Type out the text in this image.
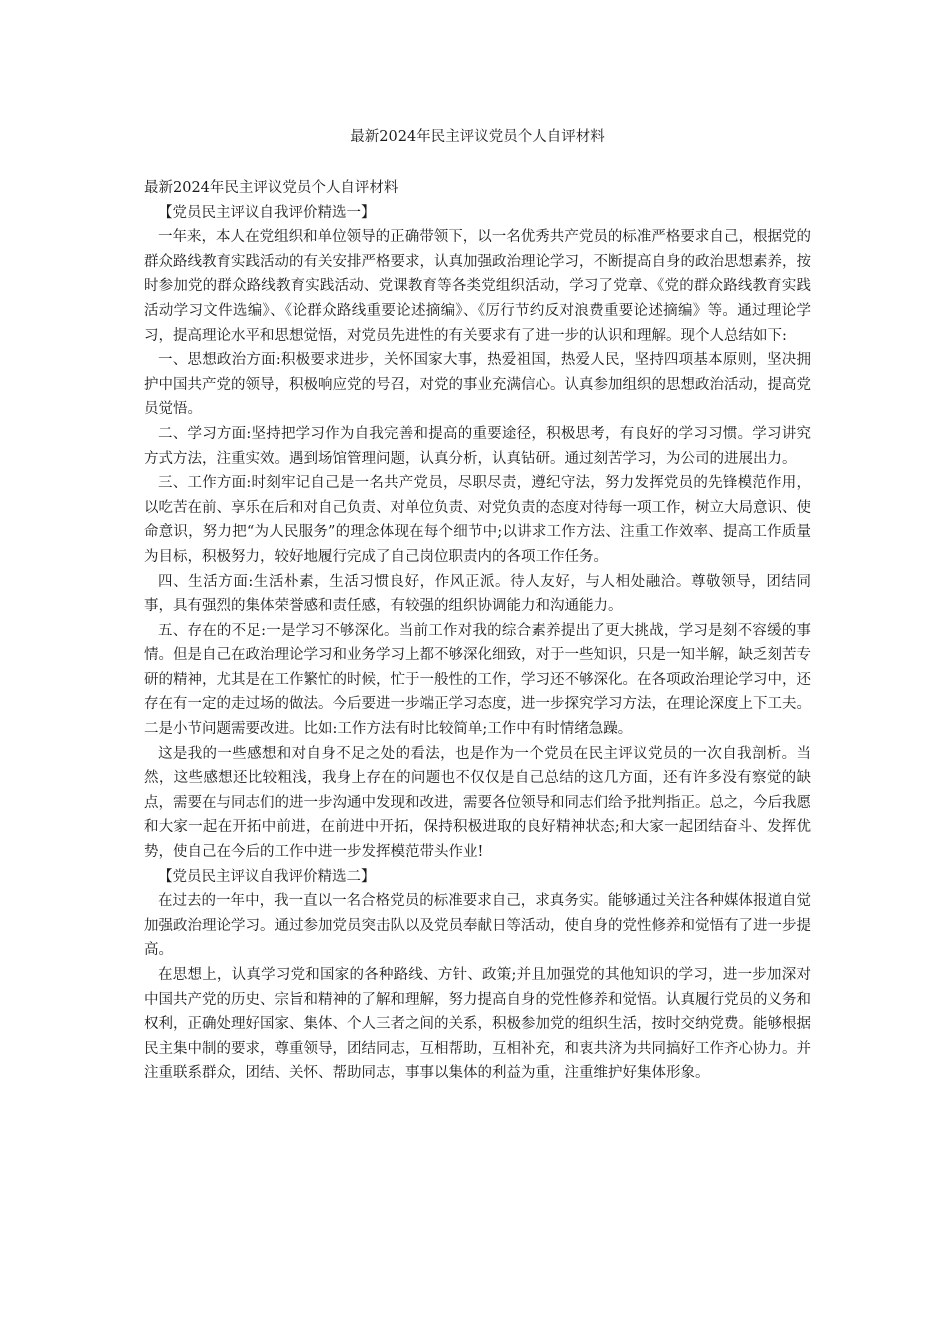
最新2024年民主评议党员个人自评材料

最新2024年民主评议党员个人自评材料

【党员民主评议自我评价精选一】

一年来，本人在党组织和单位领导的正确带领下，以一名优秀共产党员的标准严格要求自己，根据党的群众路线教育实践活动的有关安排严格要求，认真加强政治理论学习，不断提高自身的政治思想素养，按时参加党的群众路线教育实践活动、党课教育等各类党组织活动，学习了党章、《党的群众路线教育实践活动学习文件选编》、《论群众路线重要论述摘编》、《厉行节约反对浪费重要论述摘编》等。通过理论学习，提高理论水平和思想觉悟，对党员先进性的有关要求有了进一步的认识和理解。现个人总结如下:

一、思想政治方面:积极要求进步，关怀国家大事，热爱祖国，热爱人民，坚持四项基本原则，坚决拥护中国共产党的领导，积极响应党的号召，对党的事业充满信心。认真参加组织的思想政治活动，提高党员觉悟。

二、学习方面:坚持把学习作为自我完善和提高的重要途径，积极思考，有良好的学习习惯。学习讲究方式方法，注重实效。遇到场馆管理问题，认真分析，认真钻研。通过刻苦学习，为公司的进展出力。

三、工作方面:时刻牢记自己是一名共产党员，尽职尽责，遵纪守法，努力发挥党员的先锋模范作用，以吃苦在前、享乐在后和对自己负责、对单位负责、对党负责的态度对待每一项工作，树立大局意识、使命意识，努力把“为人民服务”的理念体现在每个细节中;以讲求工作方法、注重工作效率、提高工作质量为目标，积极努力，较好地履行完成了自己岗位职责内的各项工作任务。

四、生活方面:生活朴素，生活习惯良好，作风正派。待人友好，与人相处融洽。尊敬领导，团结同事，具有强烈的集体荣誉感和责任感，有较强的组织协调能力和沟通能力。

五、存在的不足:一是学习不够深化。当前工作对我的综合素养提出了更大挑战，学习是刻不容缓的事情。但是自己在政治理论学习和业务学习上都不够深化细致，对于一些知识，只是一知半解，缺乏刻苦专研的精神，尤其是在工作繁忙的时候，忙于一般性的工作，学习还不够深化。在各项政治理论学习中，还存在有一定的走过场的做法。今后要进一步端正学习态度，进一步探究学习方法，在理论深度上下工夫。二是小节问题需要改进。比如:工作方法有时比较简单;工作中有时情绪急躁。

这是我的一些感想和对自身不足之处的看法，也是作为一个党员在民主评议党员的一次自我剖析。当然，这些感想还比较粗浅，我身上存在的问题也不仅仅是自己总结的这几方面，还有许多没有察觉的缺点，需要在与同志们的进一步沟通中发现和改进，需要各位领导和同志们给予批判指正。总之，今后我愿和大家一起在开拓中前进，在前进中开拓，保持积极进取的良好精神状态;和大家一起团结奋斗、发挥优势，使自己在今后的工作中进一步发挥模范带头作业!

【党员民主评议自我评价精选二】

在过去的一年中，我一直以一名合格党员的标准要求自己，求真务实。能够通过关注各种媒体报道自觉加强政治理论学习。通过参加党员突击队以及党员奉献日等活动，使自身的党性修养和觉悟有了进一步提高。

在思想上，认真学习党和国家的各种路线、方针、政策;并且加强党的其他知识的学习，进一步加深对中国共产党的历史、宗旨和精神的了解和理解，努力提高自身的党性修养和觉悟。认真履行党员的义务和权利，正确处理好国家、集体、个人三者之间的关系，积极参加党的组织生活，按时交纳党费。能够根据民主集中制的要求，尊重领导，团结同志，互相帮助，互相补充，和衷共济为共同搞好工作齐心协力。并注重联系群众，团结、关怀、帮助同志，事事以集体的利益为重，注重维护好集体形象。
